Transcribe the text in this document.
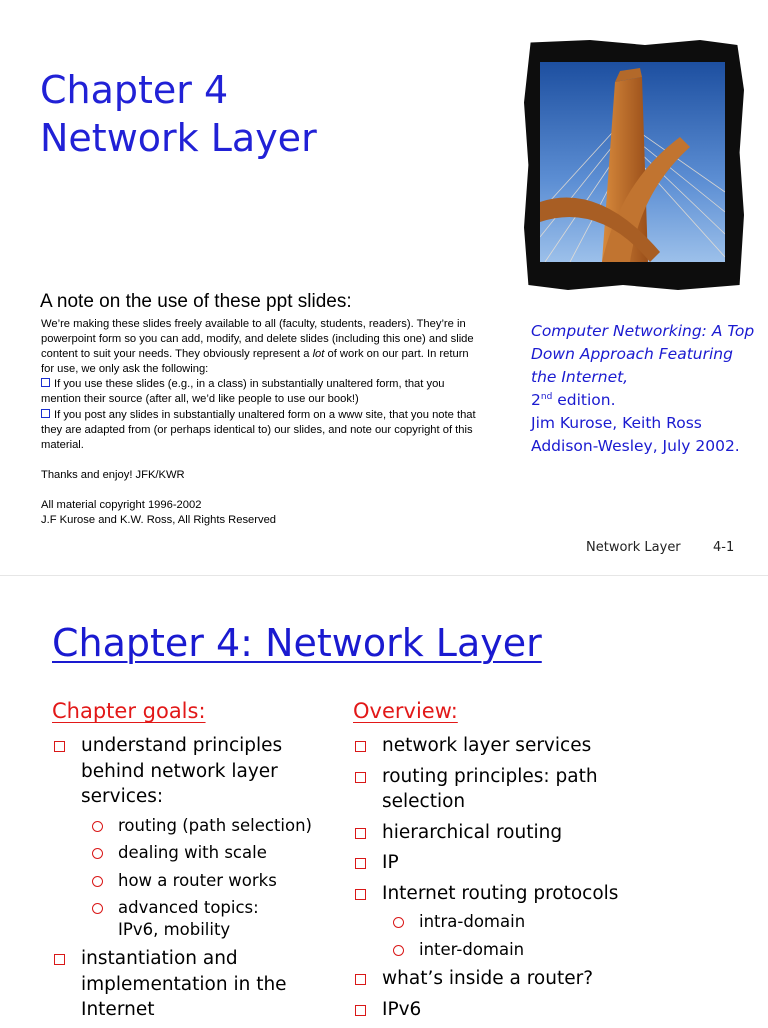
Chapter 4
Network Layer
A note on the use of these ppt slides:

We’re making these slides freely available to all (faculty, students, readers). They’re in powerpoint form so you can add, modify, and delete slides (including this one) and slide content to suit your needs. They obviously represent a lot of work on our part. In return for use, we only ask the following:

If you use these slides (e.g., in a class) in substantially unaltered form, that you mention their source (after all, we’d like people to use our book!)

If you post any slides in substantially unaltered form on a www site, that you note that they are adapted from (or perhaps identical to) our slides, and note our copyright of this material.

Thanks and enjoy! JFK/KWR

All material copyright 1996-2002

J.F Kurose and K.W. Ross, All Rights Reserved

Computer Networking: A Top Down Approach Featuring the Internet,
2nd edition.
Jim Kurose, Keith Ross
Addison-Wesley, July 2002.
Network Layer 4-1
Chapter 4: Network Layer
Chapter goals:	Overview:
understand principles behind network layer services:
routing (path selection)
dealing with scale
how a router works
advanced topics: IPv6, mobility
instantiation and implementation in the Internet
network layer services
routing principles: path selection
hierarchical routing
IP
Internet routing protocols
intra-domain
inter-domain
what’s inside a router?
IPv6
